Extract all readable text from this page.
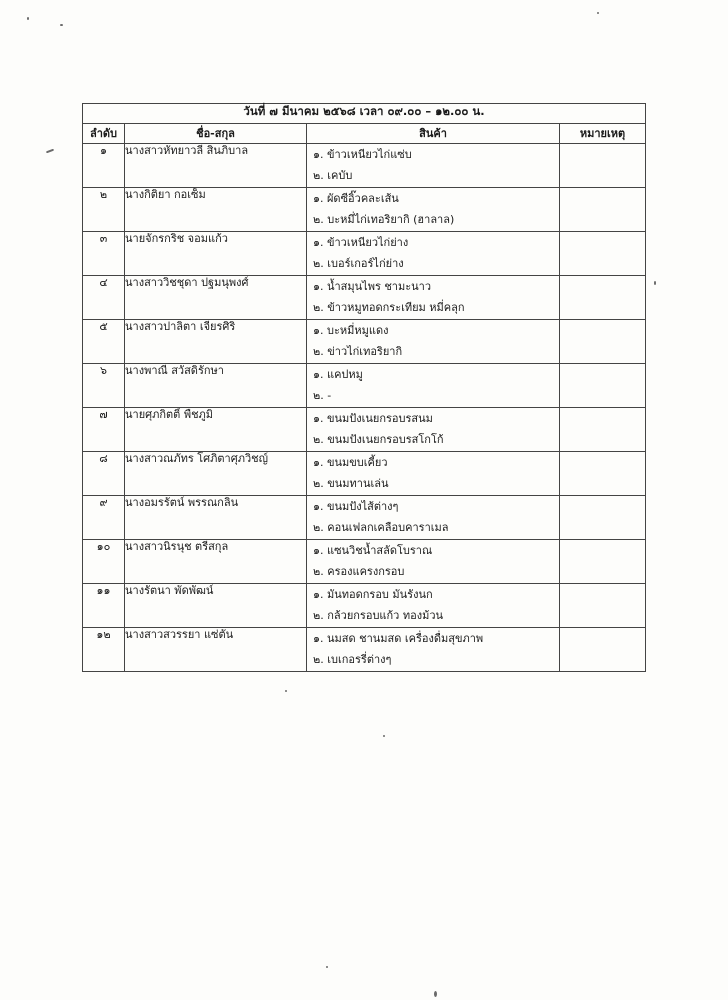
วันที่ ๗ มีนาคม ๒๕๖๘ เวลา ๐๙.๐๐ – ๑๒.๐๐ น.			
ลำดับ	ชื่อ-สกุล	สินค้า	หมายเหตุ
๑	นางสาวหัทยาวลี สินภิบาล	๑. ข้าวเหนียวไก่แซ่บ
๒. เคบับ	

๒	นางกิติยา กอเซ็ม	๑. ผัดซีอิ๊วคละเส้น
๒. บะหมี่ไก่เทอริยากิ (ฮาลาล)	

๓	นายจักรกริช จอมแก้ว	๑. ข้าวเหนียวไก่ย่าง
๒. เบอร์เกอร์ไก่ย่าง	

๔	นางสาววิชชุดา ปฐมนุพงศ์	๑. น้ำสมุนไพร ชามะนาว
๒. ข้าวหมูทอดกระเทียม หมี่คลุก	

๕	นางสาวปาลิตา เจียรศิริ	๑. บะหมี่หมูแดง
๒. ข่าวไก่เทอริยากิ	

๖	นางพาณี สวัสดิรักษา	๑. แคปหมู
๒. -	

๗	นายศุภกิตติ์ พืชภูมิ	๑. ขนมปังเนยกรอบรสนม
๒. ขนมปังเนยกรอบรสโกโก้	

๘	นางสาวณภัทร โศภิตาศุภวิชญ์	๑. ขนมขบเคี้ยว
๒. ขนมทานเล่น	

๙	นางอมรรัตน์ พรรณกลิ่น	๑. ขนมปังไส้ต่างๆ
๒. คอนเฟลกเคลือบคาราเมล	

๑๐	นางสาวนิรนุช ตรีสกุล	๑. แซนวิชน้ำสลัดโบราณ
๒. ครองแครงกรอบ	

๑๑	นางรัตนา พัดพัฒน์	๑. มันทอดกรอบ มันรังนก
๒. กล้วยกรอบแก้ว ทองม้วน	

๑๒	นางสาวสวรรยา แซ่ตัน	๑. นมสด ชานมสด เครื่องดื่มสุขภาพ
๒. เบเกอรรี่ต่างๆ	
